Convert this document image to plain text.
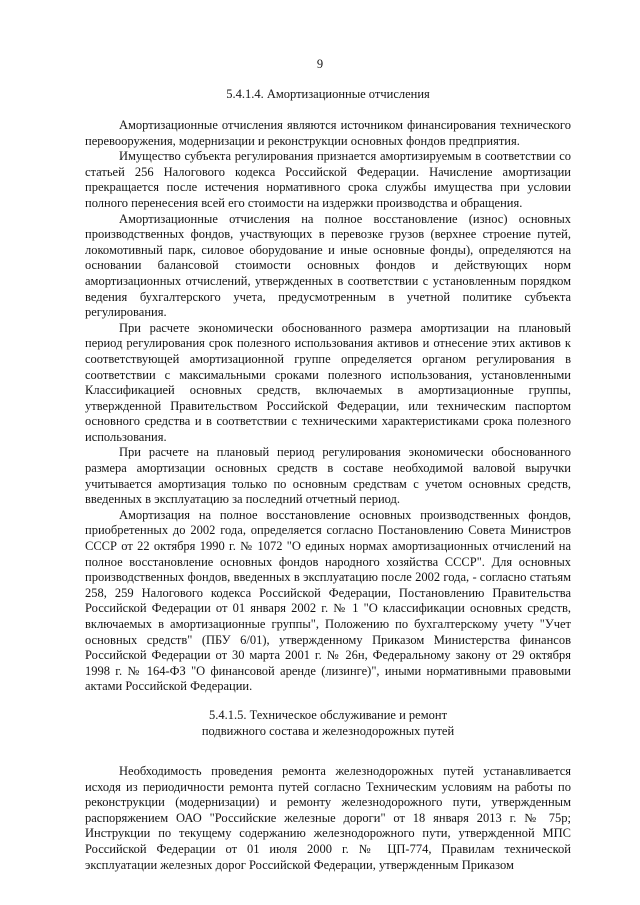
9

5.4.1.4. Амортизационные отчисления

Амортизационные отчисления являются источником финансирования технического перевооружения, модернизации и реконструкции основных фондов предприятия.

Имущество субъекта регулирования признается амортизируемым в соответствии со статьей 256 Налогового кодекса Российской Федерации. Начисление амортизации прекращается после истечения нормативного срока службы имущества при условии полного перенесения всей его стоимости на издержки производства и обращения.

Амортизационные отчисления на полное восстановление (износ) основных производственных фондов, участвующих в перевозке грузов (верхнее строение путей, локомотивный парк, силовое оборудование и иные основные фонды), определяются на основании балансовой стоимости основных фондов и действующих норм амортизационных отчислений, утвержденных в соответствии с установленным порядком ведения бухгалтерского учета, предусмотренным в учетной политике субъекта регулирования.

При расчете экономически обоснованного размера амортизации на плановый период регулирования срок полезного использования активов и отнесение этих активов к соответствующей амортизационной группе определяется органом регулирования в соответствии с максимальными сроками полезного использования, установленными Классификацией основных средств, включаемых в амортизационные группы, утвержденной Правительством Российской Федерации, или техническим паспортом основного средства и в соответствии с техническими характеристиками срока полезного использования.

При расчете на плановый период регулирования экономически обоснованного размера амортизации основных средств в составе необходимой валовой выручки учитывается амортизация только по основным средствам с учетом основных средств, введенных в эксплуатацию за последний отчетный период.

Амортизация на полное восстановление основных производственных фондов, приобретенных до 2002 года, определяется согласно Постановлению Совета Министров СССР от 22 октября 1990 г. № 1072 "О единых нормах амортизационных отчислений на полное восстановление основных фондов народного хозяйства СССР". Для основных производственных фондов, введенных в эксплуатацию после 2002 года, - согласно статьям 258, 259 Налогового кодекса Российской Федерации, Постановлению Правительства Российской Федерации от 01 января 2002 г. № 1 "О классификации основных средств, включаемых в амортизационные группы", Положению по бухгалтерскому учету "Учет основных средств" (ПБУ 6/01), утвержденному Приказом Министерства финансов Российской Федерации от 30 марта 2001 г. № 26н, Федеральному закону от 29 октября 1998 г. № 164-ФЗ "О финансовой аренде (лизинге)", иными нормативными правовыми актами Российской Федерации.

5.4.1.5. Техническое обслуживание и ремонт

подвижного состава и железнодорожных путей

Необходимость проведения ремонта железнодорожных путей устанавливается исходя из периодичности ремонта путей согласно Техническим условиям на работы по реконструкции (модернизации) и ремонту железнодорожного пути, утвержденным распоряжением ОАО "Российские железные дороги" от 18 января 2013 г. № 75р; Инструкции по текущему содержанию железнодорожного пути, утвержденной МПС Российской Федерации от 01 июля 2000 г. № ЦП-774, Правилам технической эксплуатации железных дорог Российской Федерации, утвержденным Приказом
